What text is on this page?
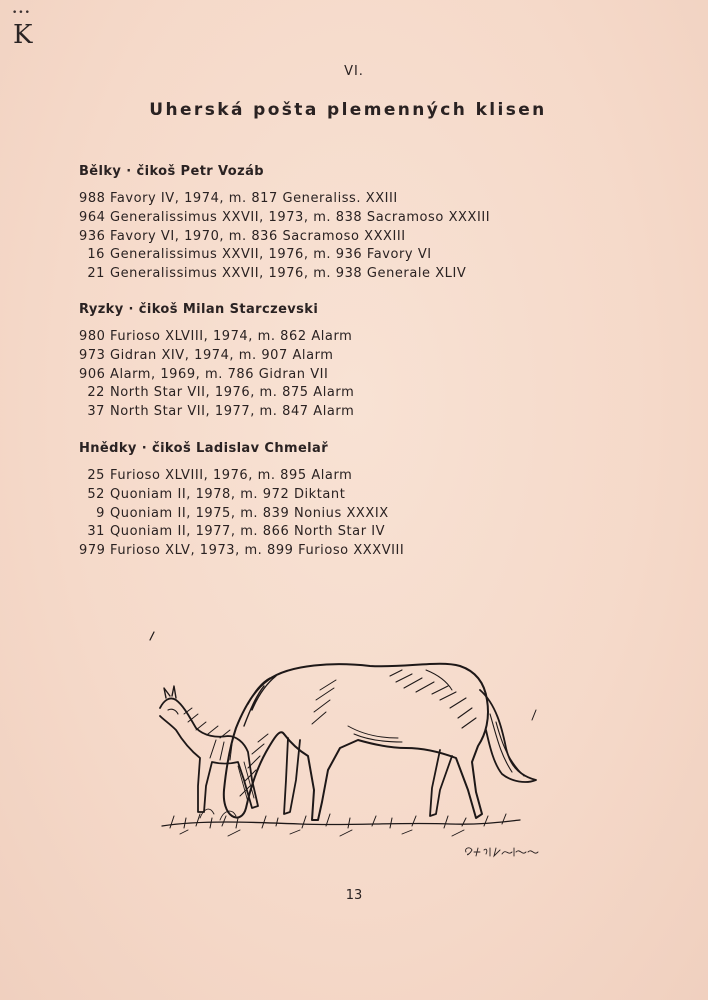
•••
K
VI.
Uherská pošta plemenných klisen
Bělky · čikoš Petr Vozáb
988 Favory IV, 1974, m. 817 Generaliss. XXIII
964 Generalissimus XXVII, 1973, m. 838 Sacramoso XXXIII
936 Favory VI, 1970, m. 836 Sacramoso XXXIII
16 Generalissimus XXVII, 1976, m. 936 Favory VI
21 Generalissimus XXVII, 1976, m. 938 Generale XLIV
Ryzky · čikoš Milan Starczevski
980 Furioso XLVIII, 1974, m. 862 Alarm
973 Gidran XIV, 1974, m. 907 Alarm
906 Alarm, 1969, m. 786 Gidran VII
22 North Star VII, 1976, m. 875 Alarm
37 North Star VII, 1977, m. 847 Alarm
Hnědky · čikoš Ladislav Chmelař
25 Furioso XLVIII, 1976, m. 895 Alarm
52 Quoniam II, 1978, m. 972 Diktant
9 Quoniam II, 1975, m. 839 Nonius XXXIX
31 Quoniam II, 1977, m. 866 North Star IV
979 Furioso XLV, 1973, m. 899 Furioso XXXVIII
13
